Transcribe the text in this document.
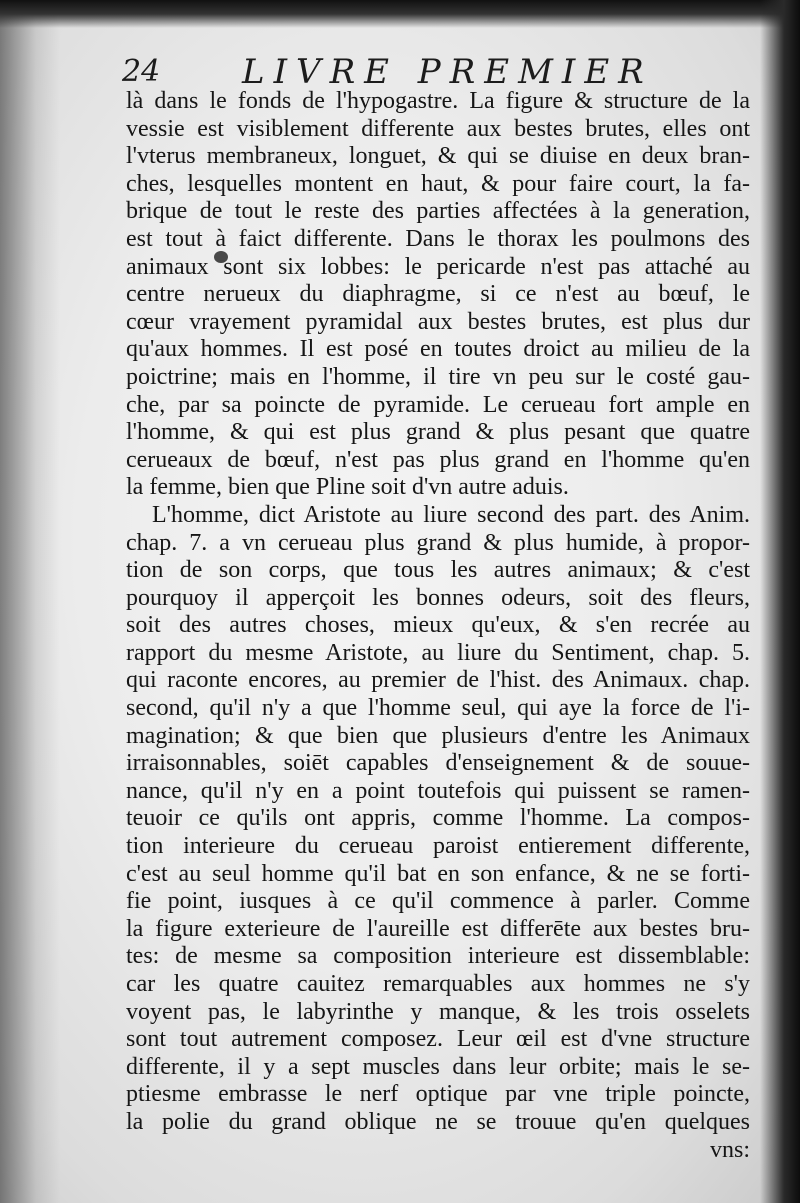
24 LIVRE PREMIER
là dans le fonds de l'hypogastre. La figure & structure de la
vessie est visiblement differente aux bestes brutes, elles ont
l'vterus membraneux, longuet, & qui se diuise en deux bran-
ches, lesquelles montent en haut, & pour faire court, la fa-
brique de tout le reste des parties affectées à la generation,
est tout à faict differente. Dans le thorax les poulmons des
animaux sont six lobbes: le pericarde n'est pas attaché au
centre nerueux du diaphragme, si ce n'est au bœuf, le
cœur vrayement pyramidal aux bestes brutes, est plus dur
qu'aux hommes. Il est posé en toutes droict au milieu de la
poictrine; mais en l'homme, il tire vn peu sur le costé gau-
che, par sa poincte de pyramide. Le cerueau fort ample en
l'homme, & qui est plus grand & plus pesant que quatre
cerueaux de bœuf, n'est pas plus grand en l'homme qu'en
la femme, bien que Pline soit d'vn autre aduis.
L'homme, dict Aristote au liure second des part. des Anim.
chap. 7. a vn cerueau plus grand & plus humide, à propor-
tion de son corps, que tous les autres animaux; & c'est
pourquoy il apperçoit les bonnes odeurs, soit des fleurs,
soit des autres choses, mieux qu'eux, & s'en recrée au
rapport du mesme Aristote, au liure du Sentiment, chap. 5.
qui raconte encores, au premier de l'hist. des Animaux. chap.
second, qu'il n'y a que l'homme seul, qui aye la force de l'i-
magination; & que bien que plusieurs d'entre les Animaux
irraisonnables, soiēt capables d'enseignement & de souue-
nance, qu'il n'y en a point toutefois qui puissent se ramen-
teuoir ce qu'ils ont appris, comme l'homme. La compos-
tion interieure du cerueau paroist entierement differente,
c'est au seul homme qu'il bat en son enfance, & ne se forti-
fie point, iusques à ce qu'il commence à parler. Comme
la figure exterieure de l'aureille est differēte aux bestes bru-
tes: de mesme sa composition interieure est dissemblable:
car les quatre cauitez remarquables aux hommes ne s'y
voyent pas, le labyrinthe y manque, & les trois osselets
sont tout autrement composez. Leur œil est d'vne structure
differente, il y a sept muscles dans leur orbite; mais le se-
ptiesme embrasse le nerf optique par vne triple poincte,
la polie du grand oblique ne se trouue qu'en quelques
vns:
